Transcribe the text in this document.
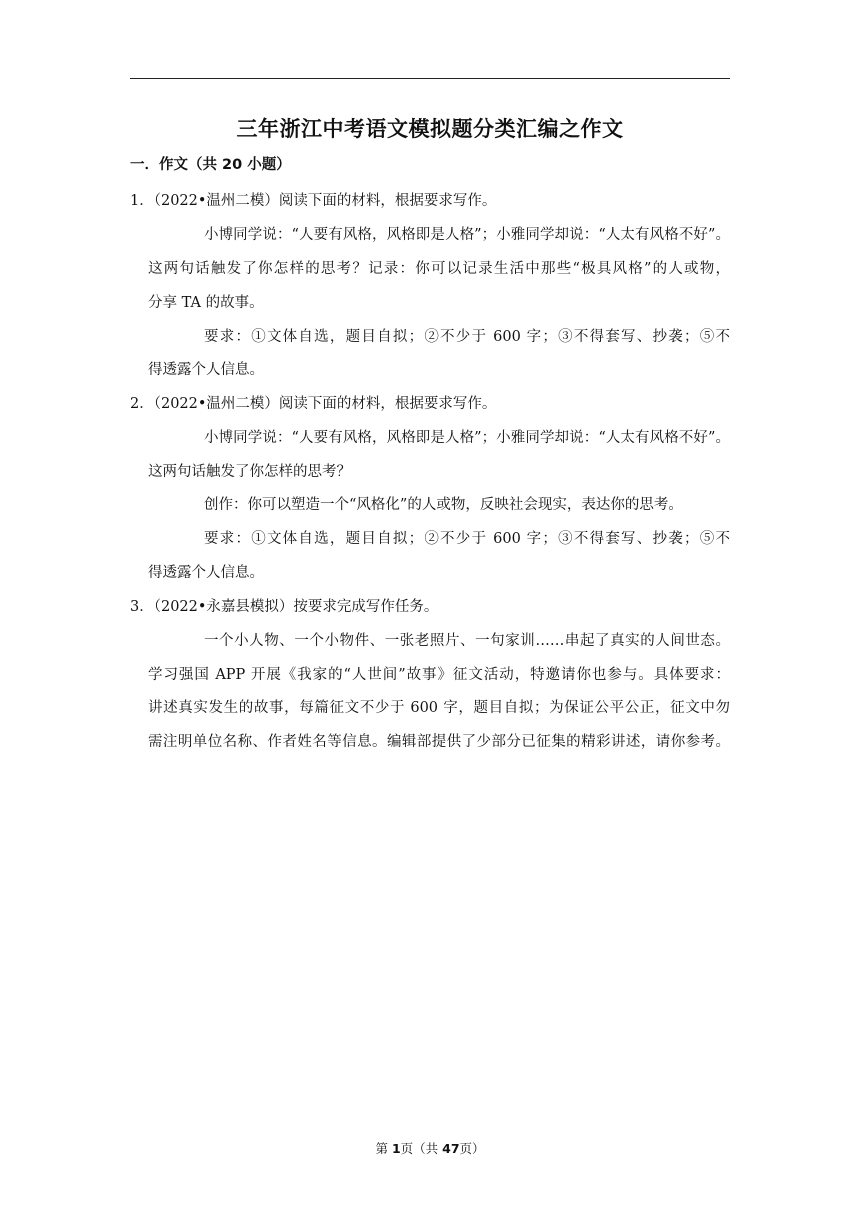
三年浙江中考语文模拟题分类汇编之作文
一．作文（共 20 小题）
1．（2022•温州二模）阅读下面的材料，根据要求写作。
小博同学说：“人要有风格，风格即是人格”；小雅同学却说：“人太有风格不好”。
这两句话触发了你怎样的思考？记录：你可以记录生活中那些“极具风格”的人或物，
分享 TA 的故事。
要求：①文体自选，题目自拟；②不少于 600 字；③不得套写、抄袭；⑤不
得透露个人信息。
2．（2022•温州二模）阅读下面的材料，根据要求写作。
小博同学说：“人要有风格，风格即是人格”；小雅同学却说：“人太有风格不好”。
这两句话触发了你怎样的思考？
创作：你可以塑造一个“风格化”的人或物，反映社会现实，表达你的思考。
要求：①文体自选，题目自拟；②不少于 600 字；③不得套写、抄袭；⑤不
得透露个人信息。
3．（2022•永嘉县模拟）按要求完成写作任务。
一个小人物、一个小物件、一张老照片、一句家训……串起了真实的人间世态。
学习强国 APP 开展《我家的“人世间”故事》征文活动，特邀请你也参与。具体要求：
讲述真实发生的故事，每篇征文不少于 600 字，题目自拟；为保证公平公正，征文中勿
需注明单位名称、作者姓名等信息。编辑部提供了少部分已征集的精彩讲述，请你参考。
第 1页（共 47页）
